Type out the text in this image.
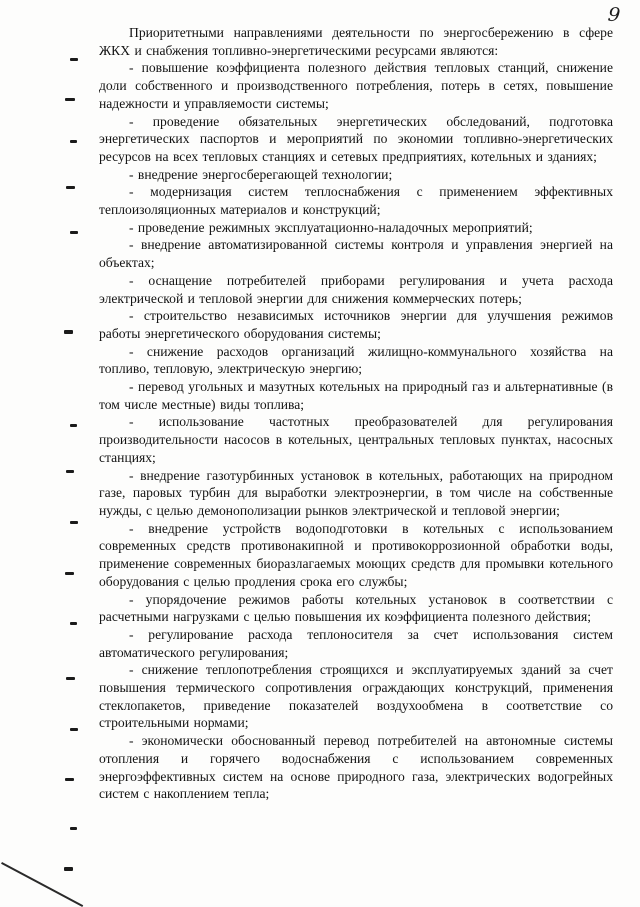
9

Приоритетными направлениями деятельности по энергосбережению в сфере ЖКХ и снабжения топливно-энергетическими ресурсами являются:

- повышение коэффициента полезного действия тепловых станций, снижение доли собственного и производственного потребления, потерь в сетях, повышение надежности и управляемости системы;

- проведение обязательных энергетических обследований, подготовка энергетических паспортов и мероприятий по экономии топливно-энергетических ресурсов на всех тепловых станциях и сетевых предприятиях, котельных и зданиях;

- внедрение энергосберегающей технологии;

- модернизация систем теплоснабжения с применением эффективных теплоизоляционных материалов и конструкций;

- проведение режимных эксплуатационно-наладочных мероприятий;

- внедрение автоматизированной системы контроля и управления энергией на объектах;

- оснащение потребителей приборами регулирования и учета расхода электрической и тепловой энергии для снижения коммерческих потерь;

- строительство независимых источников энергии для улучшения режимов работы энергетического оборудования системы;

- снижение расходов организаций жилищно-коммунального хозяйства на топливо, тепловую, электрическую энергию;

- перевод угольных и мазутных котельных на природный газ и альтернативные (в том числе местные) виды топлива;

- использование частотных преобразователей для регулирования производительности насосов в котельных, центральных тепловых пунктах, насосных станциях;

- внедрение газотурбинных установок в котельных, работающих на природном газе, паровых турбин для выработки электроэнергии, в том числе на собственные нужды, с целью демонополизации рынков электрической и тепловой энергии;

- внедрение устройств водоподготовки в котельных с использованием современных средств противонакипной и противокоррозионной обработки воды, применение современных биоразлагаемых моющих средств для промывки котельного оборудования с целью продления срока его службы;

- упорядочение режимов работы котельных установок в соответствии с расчетными нагрузками с целью повышения их коэффициента полезного действия;

- регулирование расхода теплоносителя за счет использования систем автоматического регулирования;

- снижение теплопотребления строящихся и эксплуатируемых зданий за счет повышения термического сопротивления ограждающих конструкций, применения стеклопакетов, приведение показателей воздухообмена в соответствие со строительными нормами;

- экономически обоснованный перевод потребителей на автономные системы отопления и горячего водоснабжения с использованием современных энергоэффективных систем на основе природного газа, электрических водогрейных систем с накоплением тепла;
